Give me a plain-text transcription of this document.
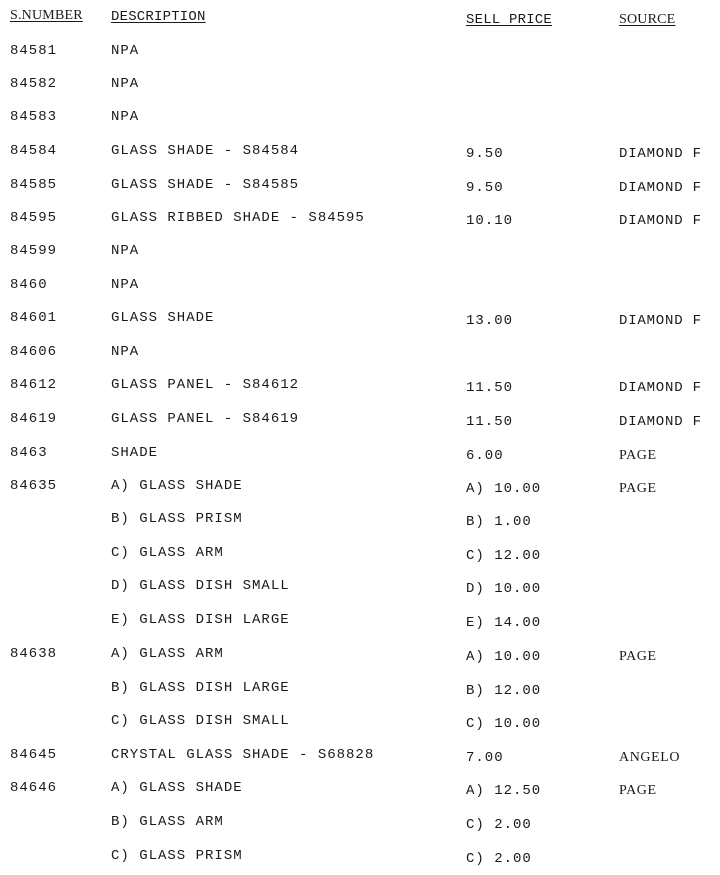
S.NUMBER DESCRIPTION	SELL PRICE	SOURCE
84581	NPA
84582	NPA
84583	NPA
84584	GLASS SHADE - S84584	9.50	DIAMOND F
84585	GLASS SHADE - S84585	9.50	DIAMOND F
84595	GLASS RIBBED SHADE - S84595	10.10	DIAMOND F
84599	NPA
8460	NPA
84601	GLASS SHADE	13.00	DIAMOND F
84606	NPA
84612	GLASS PANEL - S84612	11.50	DIAMOND F
84619	GLASS PANEL - S84619	11.50	DIAMOND F
8463	SHADE	6.00	PAGE
84635	A) GLASS SHADE	A) 10.00	PAGE
B) GLASS PRISM	B) 1.00
C) GLASS ARM	C) 12.00
D) GLASS DISH SMALL	D) 10.00
E) GLASS DISH LARGE	E) 14.00
84638	A) GLASS ARM	A) 10.00	PAGE
B) GLASS DISH LARGE	B) 12.00
C) GLASS DISH SMALL	C) 10.00
84645	CRYSTAL GLASS SHADE - S68828	7.00	ANGELO
84646	A) GLASS SHADE	A) 12.50	PAGE
B) GLASS ARM	C) 2.00
C) GLASS PRISM	C) 2.00
